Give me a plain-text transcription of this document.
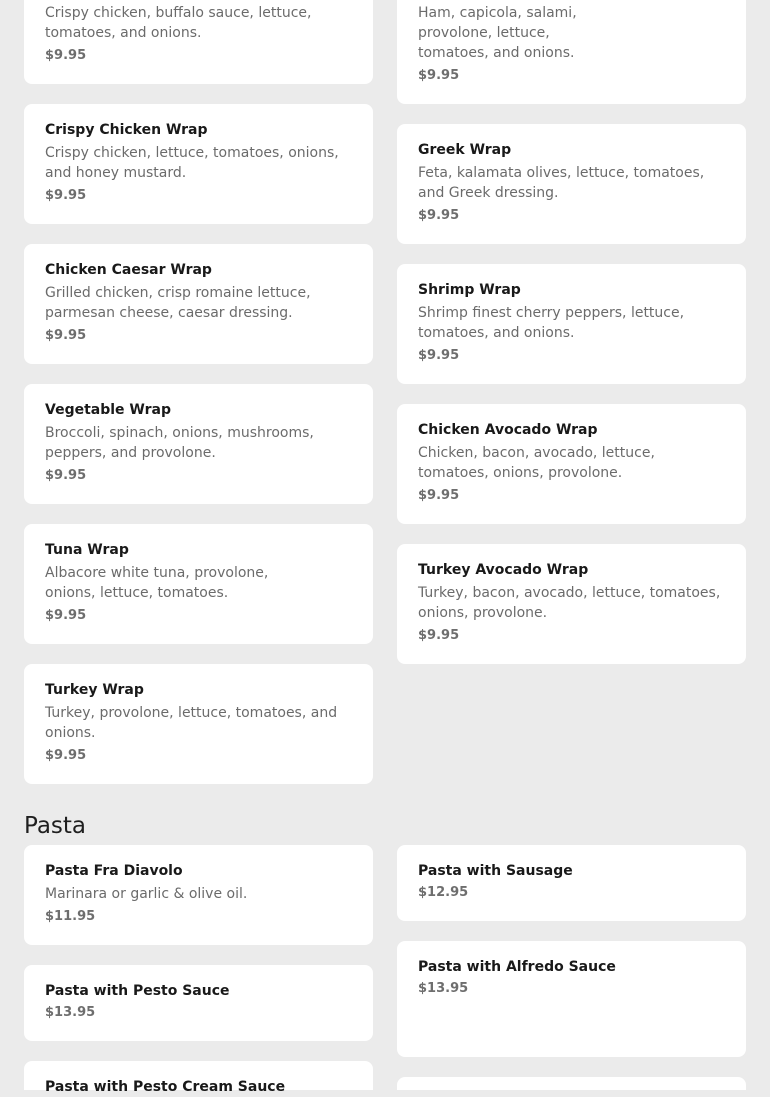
Crispy chicken, buffalo sauce, lettuce, tomatoes, and onions.
$9.95
Crispy Chicken Wrap
Crispy chicken, lettuce, tomatoes, onions, and honey mustard.
$9.95
Chicken Caesar Wrap
Grilled chicken, crisp romaine lettuce, parmesan cheese, caesar dressing.
$9.95
Vegetable Wrap
Broccoli, spinach, onions, mushrooms, peppers, and provolone.
$9.95
Tuna Wrap
Albacore white tuna, provolone, onions, lettuce, tomatoes.
$9.95
Turkey Wrap
Turkey, provolone, lettuce, tomatoes, and onions.
$9.95
Ham, capicola, salami, provolone, lettuce, tomatoes, and onions.
$9.95
Greek Wrap
Feta, kalamata olives, lettuce, tomatoes, and Greek dressing.
$9.95
Shrimp Wrap
Shrimp finest cherry peppers, lettuce, tomatoes, and onions.
$9.95
Chicken Avocado Wrap
Chicken, bacon, avocado, lettuce, tomatoes, onions, provolone.
$9.95
Turkey Avocado Wrap
Turkey, bacon, avocado, lettuce, tomatoes, onions, provolone.
$9.95
Pasta
Pasta Fra Diavolo
Marinara or garlic & olive oil.
$11.95
Pasta with Pesto Sauce
$13.95
Pasta with Pesto Cream Sauce
Pasta with Sausage
$12.95
Pasta with Alfredo Sauce
$13.95
